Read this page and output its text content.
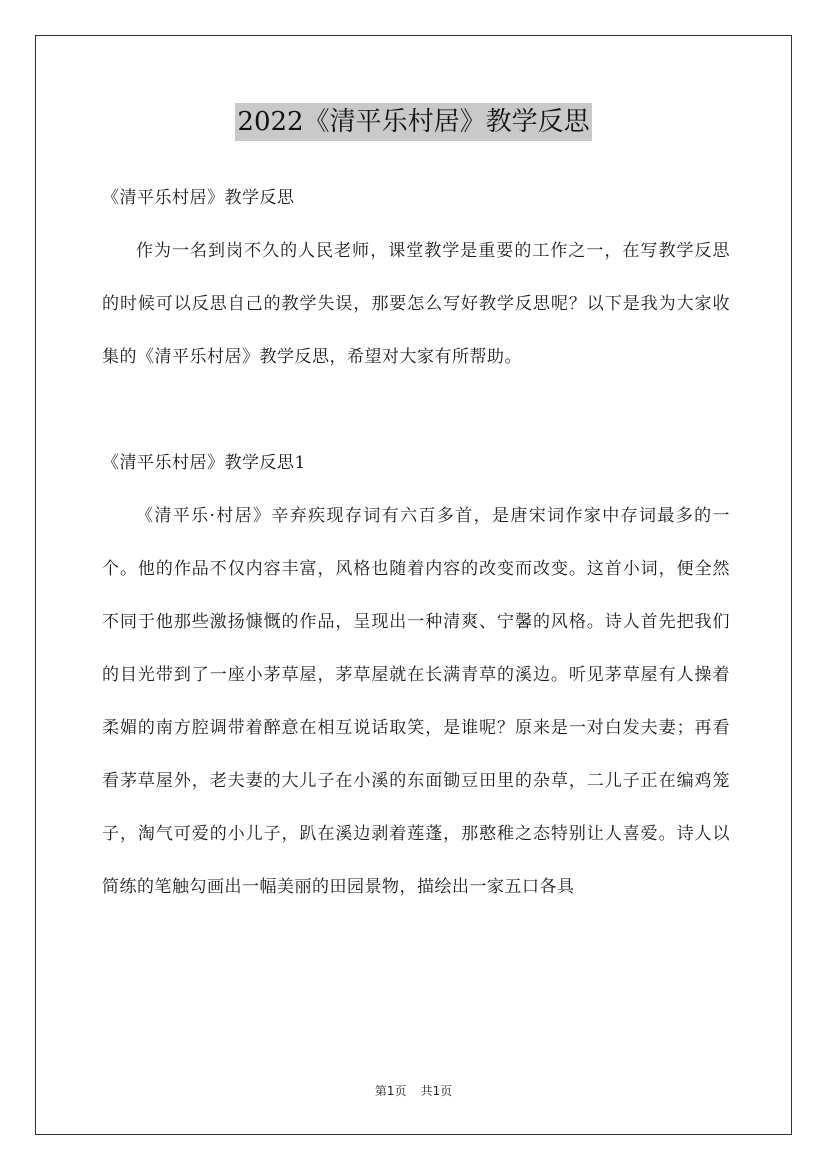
2022《清平乐村居》教学反思

《清平乐村居》教学反思

作为一名到岗不久的人民老师，课堂教学是重要的工作之一，在写教学反思的时候可以反思自己的教学失误，那要怎么写好教学反思呢？以下是我为大家收集的《清平乐村居》教学反思，希望对大家有所帮助。

《清平乐村居》教学反思1

《清平乐·村居》辛弃疾现存词有六百多首，是唐宋词作家中存词最多的一个。他的作品不仅内容丰富，风格也随着内容的改变而改变。这首小词，便全然不同于他那些激扬慷慨的作品，呈现出一种清爽、宁馨的风格。诗人首先把我们的目光带到了一座小茅草屋，茅草屋就在长满青草的溪边。听见茅草屋有人操着柔媚的南方腔调带着醉意在相互说话取笑，是谁呢？原来是一对白发夫妻；再看看茅草屋外，老夫妻的大儿子在小溪的东面锄豆田里的杂草，二儿子正在编鸡笼子，淘气可爱的小儿子，趴在溪边剥着莲蓬，那憨稚之态特别让人喜爱。诗人以简练的笔触勾画出一幅美丽的田园景物，描绘出一家五口各具

第1页 共1页
